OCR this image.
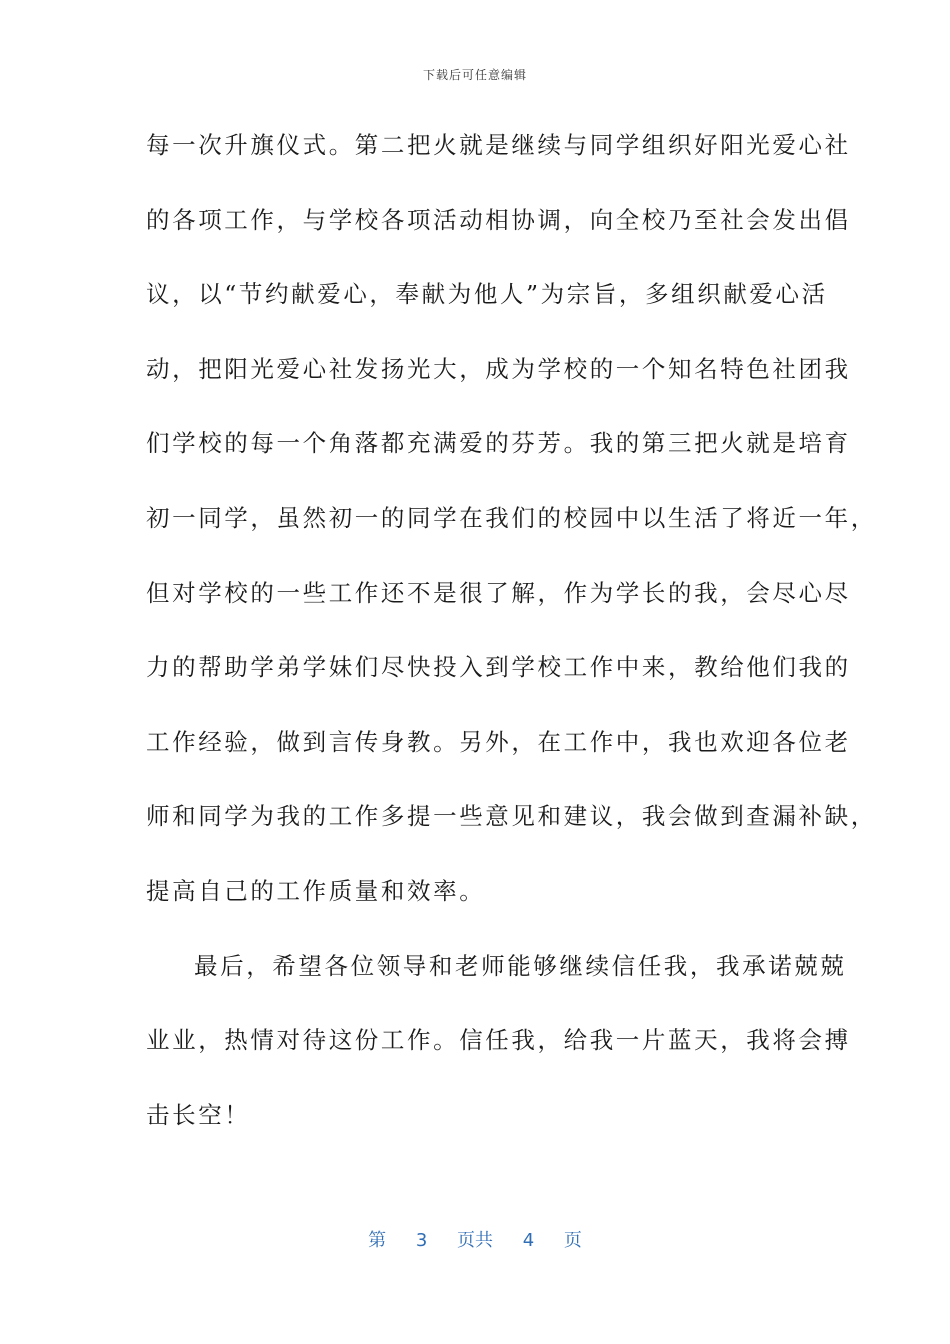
下载后可任意编辑
每一次升旗仪式。第二把火就是继续与同学组织好阳光爱心社
的各项工作，与学校各项活动相协调，向全校乃至社会发出倡
议，以“节约献爱心，奉献为他人”为宗旨，多组织献爱心活
动，把阳光爱心社发扬光大，成为学校的一个知名特色社团我
们学校的每一个角落都充满爱的芬芳。我的第三把火就是培育
初一同学，虽然初一的同学在我们的校园中以生活了将近一年，
但对学校的一些工作还不是很了解，作为学长的我，会尽心尽
力的帮助学弟学妹们尽快投入到学校工作中来，教给他们我的
工作经验，做到言传身教。另外，在工作中，我也欢迎各位老
师和同学为我的工作多提一些意见和建议，我会做到查漏补缺，
提高自己的工作质量和效率。
最后，希望各位领导和老师能够继续信任我，我承诺兢兢
业业，热情对待这份工作。信任我，给我一片蓝天，我将会搏
击长空！
第 3 页共 4 页
